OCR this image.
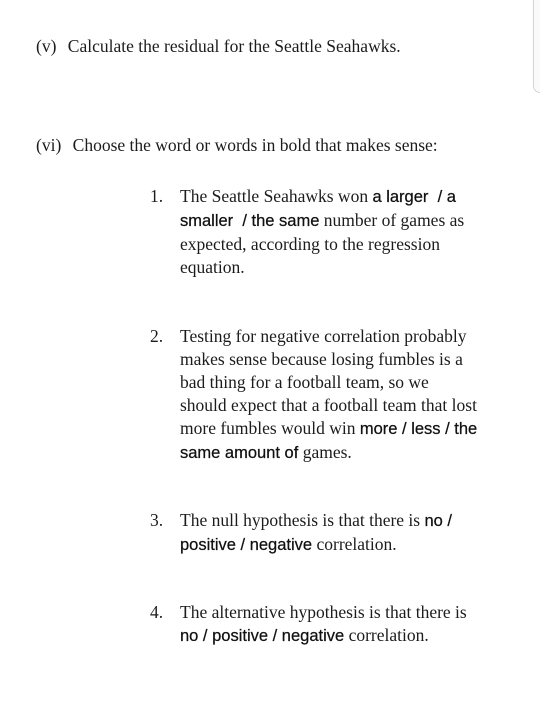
(v) Calculate the residual for the Seattle Seahawks.
(vi) Choose the word or words in bold that makes sense:
1. The Seattle Seahawks won a larger  / a
smaller  / the same number of games as
expected, according to the regression
equation.
2. Testing for negative correlation probably
makes sense because losing fumbles is a
bad thing for a football team, so we
should expect that a football team that lost
more fumbles would win more / less / the
same amount of games.
3. The null hypothesis is that there is no /
positive / negative correlation.
4. The alternative hypothesis is that there is
no / positive / negative correlation.
